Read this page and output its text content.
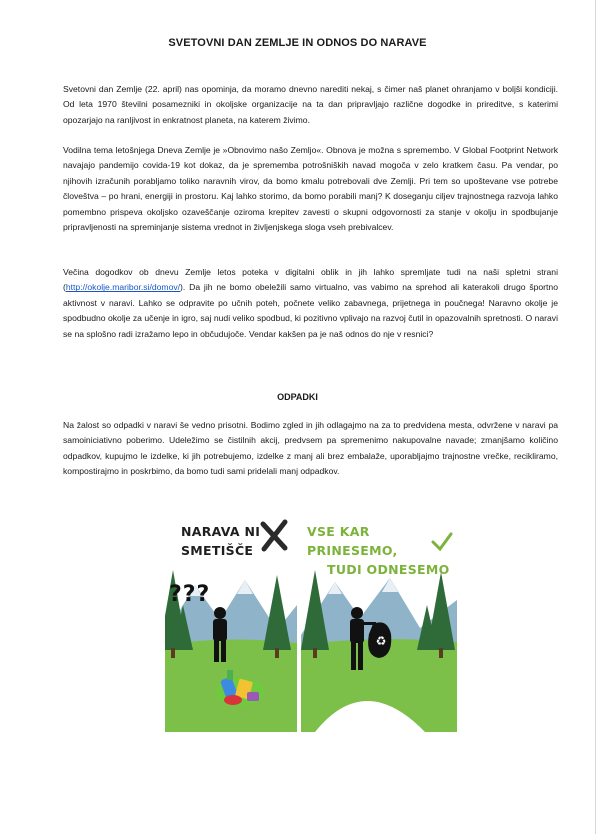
SVETOVNI DAN ZEMLJE IN ODNOS DO NARAVE

Svetovni dan Zemlje (22. april) nas opominja, da moramo dnevno narediti nekaj, s čimer naš planet ohranjamo v boljši kondiciji. Od leta 1970 številni posamezniki in okoljske organizacije na ta dan pripravljajo različne dogodke in prireditve, s katerimi opozarjajo na ranljivost in enkratnost planeta, na katerem živimo.

Vodilna tema letošnjega Dneva Zemlje je »Obnovimo našo Zemljo«. Obnova je možna s spremembo. V Global Footprint Network navajajo pandemijo covida-19 kot dokaz, da je sprememba potrošniških navad mogoča v zelo kratkem času. Pa vendar, po njihovih izračunih porabljamo toliko naravnih virov, da bomo kmalu potrebovali dve Zemlji. Pri tem so upoštevane vse potrebe človeštva – po hrani, energiji in prostoru. Kaj lahko storimo, da bomo porabili manj? K doseganju ciljev trajnostnega razvoja lahko pomembno prispeva okoljsko ozaveščanje oziroma krepitev zavesti o skupni odgovornosti za stanje v okolju in spodbujanje pripravljenosti na spreminjanje sistema vrednot in življenjskega sloga vseh prebivalcev.

Večina dogodkov ob dnevu Zemlje letos poteka v digitalni oblik in jih lahko spremljate tudi na naši spletni strani (http://okolje.maribor.si/domov/). Da jih ne bomo obeležili samo virtualno, vas vabimo na sprehod ali katerakoli drugo športno aktivnost v naravi. Lahko se odpravite po učnih poteh, počnete veliko zabavnega, prijetnega in poučnega! Naravno okolje je spodbudno okolje za učenje in igro, saj nudi veliko spodbud, ki pozitivno vplivajo na razvoj čutil in opazovalnih spretnosti. O naravi se na splošno radi izražamo lepo in občudujoče. Vendar kakšen pa je naš odnos do nje v resnici?

ODPADKI

Na žalost so odpadki v naravi še vedno prisotni. Bodimo zgled in jih odlagajmo na za to predvidena mesta, odvržene v naravi pa samoiniciativno poberimo. Udeležimo se čistilnih akcij, predvsem pa spremenimo nakupovalne navade; zmanjšamo količino odpadkov, kupujmo le izdelke, ki jih potrebujemo, izdelke z manj ali brez embalaže, uporabljajmo trajnostne vrečke, recikliramo, kompostirajmo in poskrbimo, da bomo tudi sami pridelali manj odpadkov.

NARAVA NI
SMETIŠČE
VSE KAR PRINESEMO,
TUDI ODNESEMO
???
♻
